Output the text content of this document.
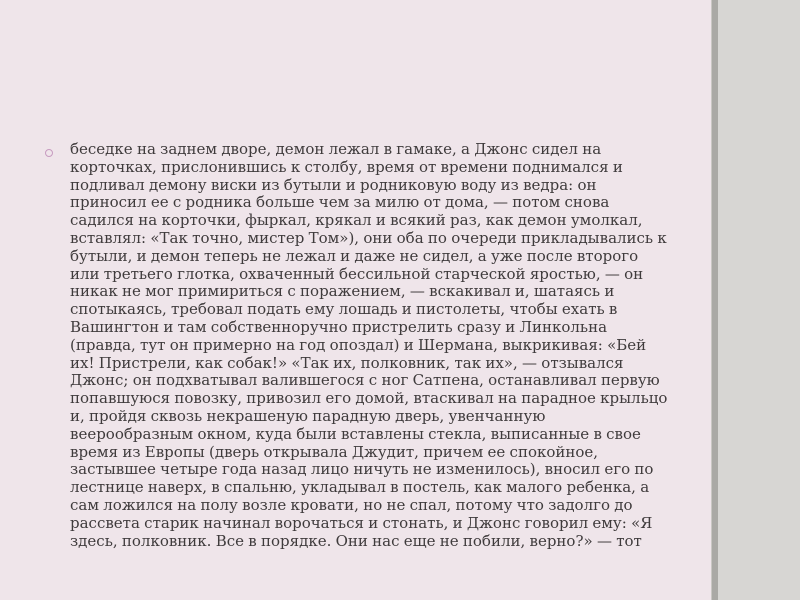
беседке на заднем дворе, демон лежал в гамаке, а Джонс сидел на корточках, прислонившись к столбу, время от времени поднимался и подливал демону виски из бутыли и родниковую воду из ведра: он приносил ее с родника больше чем за милю от дома, — потом снова садился на корточки, фыркал, крякал и всякий раз, как демон умолкал, вставлял: «Так точно, мистер Том»), они оба по очереди прикладывались к бутыли, и демон теперь не лежал и даже не сидел, а уже после второго или третьего глотка, охваченный бессильной старческой яростью, — он никак не мог примириться с поражением, — вскакивал и, шатаясь и спотыкаясь, требовал подать ему лошадь и пистолеты, чтобы ехать в Вашингтон и там собственноручно пристрелить сразу и Линкольна (правда, тут он примерно на год опоздал) и Шермана, выкрикивая: «Бей их! Пристрели, как собак!» «Так их, полковник, так их», — отзывался Джонс; он подхватывал валившегося с ног Сатпена, останавливал первую попавшуюся повозку, привозил его домой, втаскивал на парадное крыльцо и, пройдя сквозь некрашеную парадную дверь, увенчанную веерообразным окном, куда были вставлены стекла, выписанные в свое время из Европы (дверь открывала Джудит, причем ее спокойное, застывшее четыре года назад лицо ничуть не изменилось), вносил его по лестнице наверх, в спальню, укладывал в постель, как малого ребенка, а сам ложился на полу возле кровати, но не спал, потому что задолго до рассвета старик начинал ворочаться и стонать, и Джонс говорил ему: «Я здесь, полковник. Все в порядке. Они нас еще не побили, верно?» — тот
